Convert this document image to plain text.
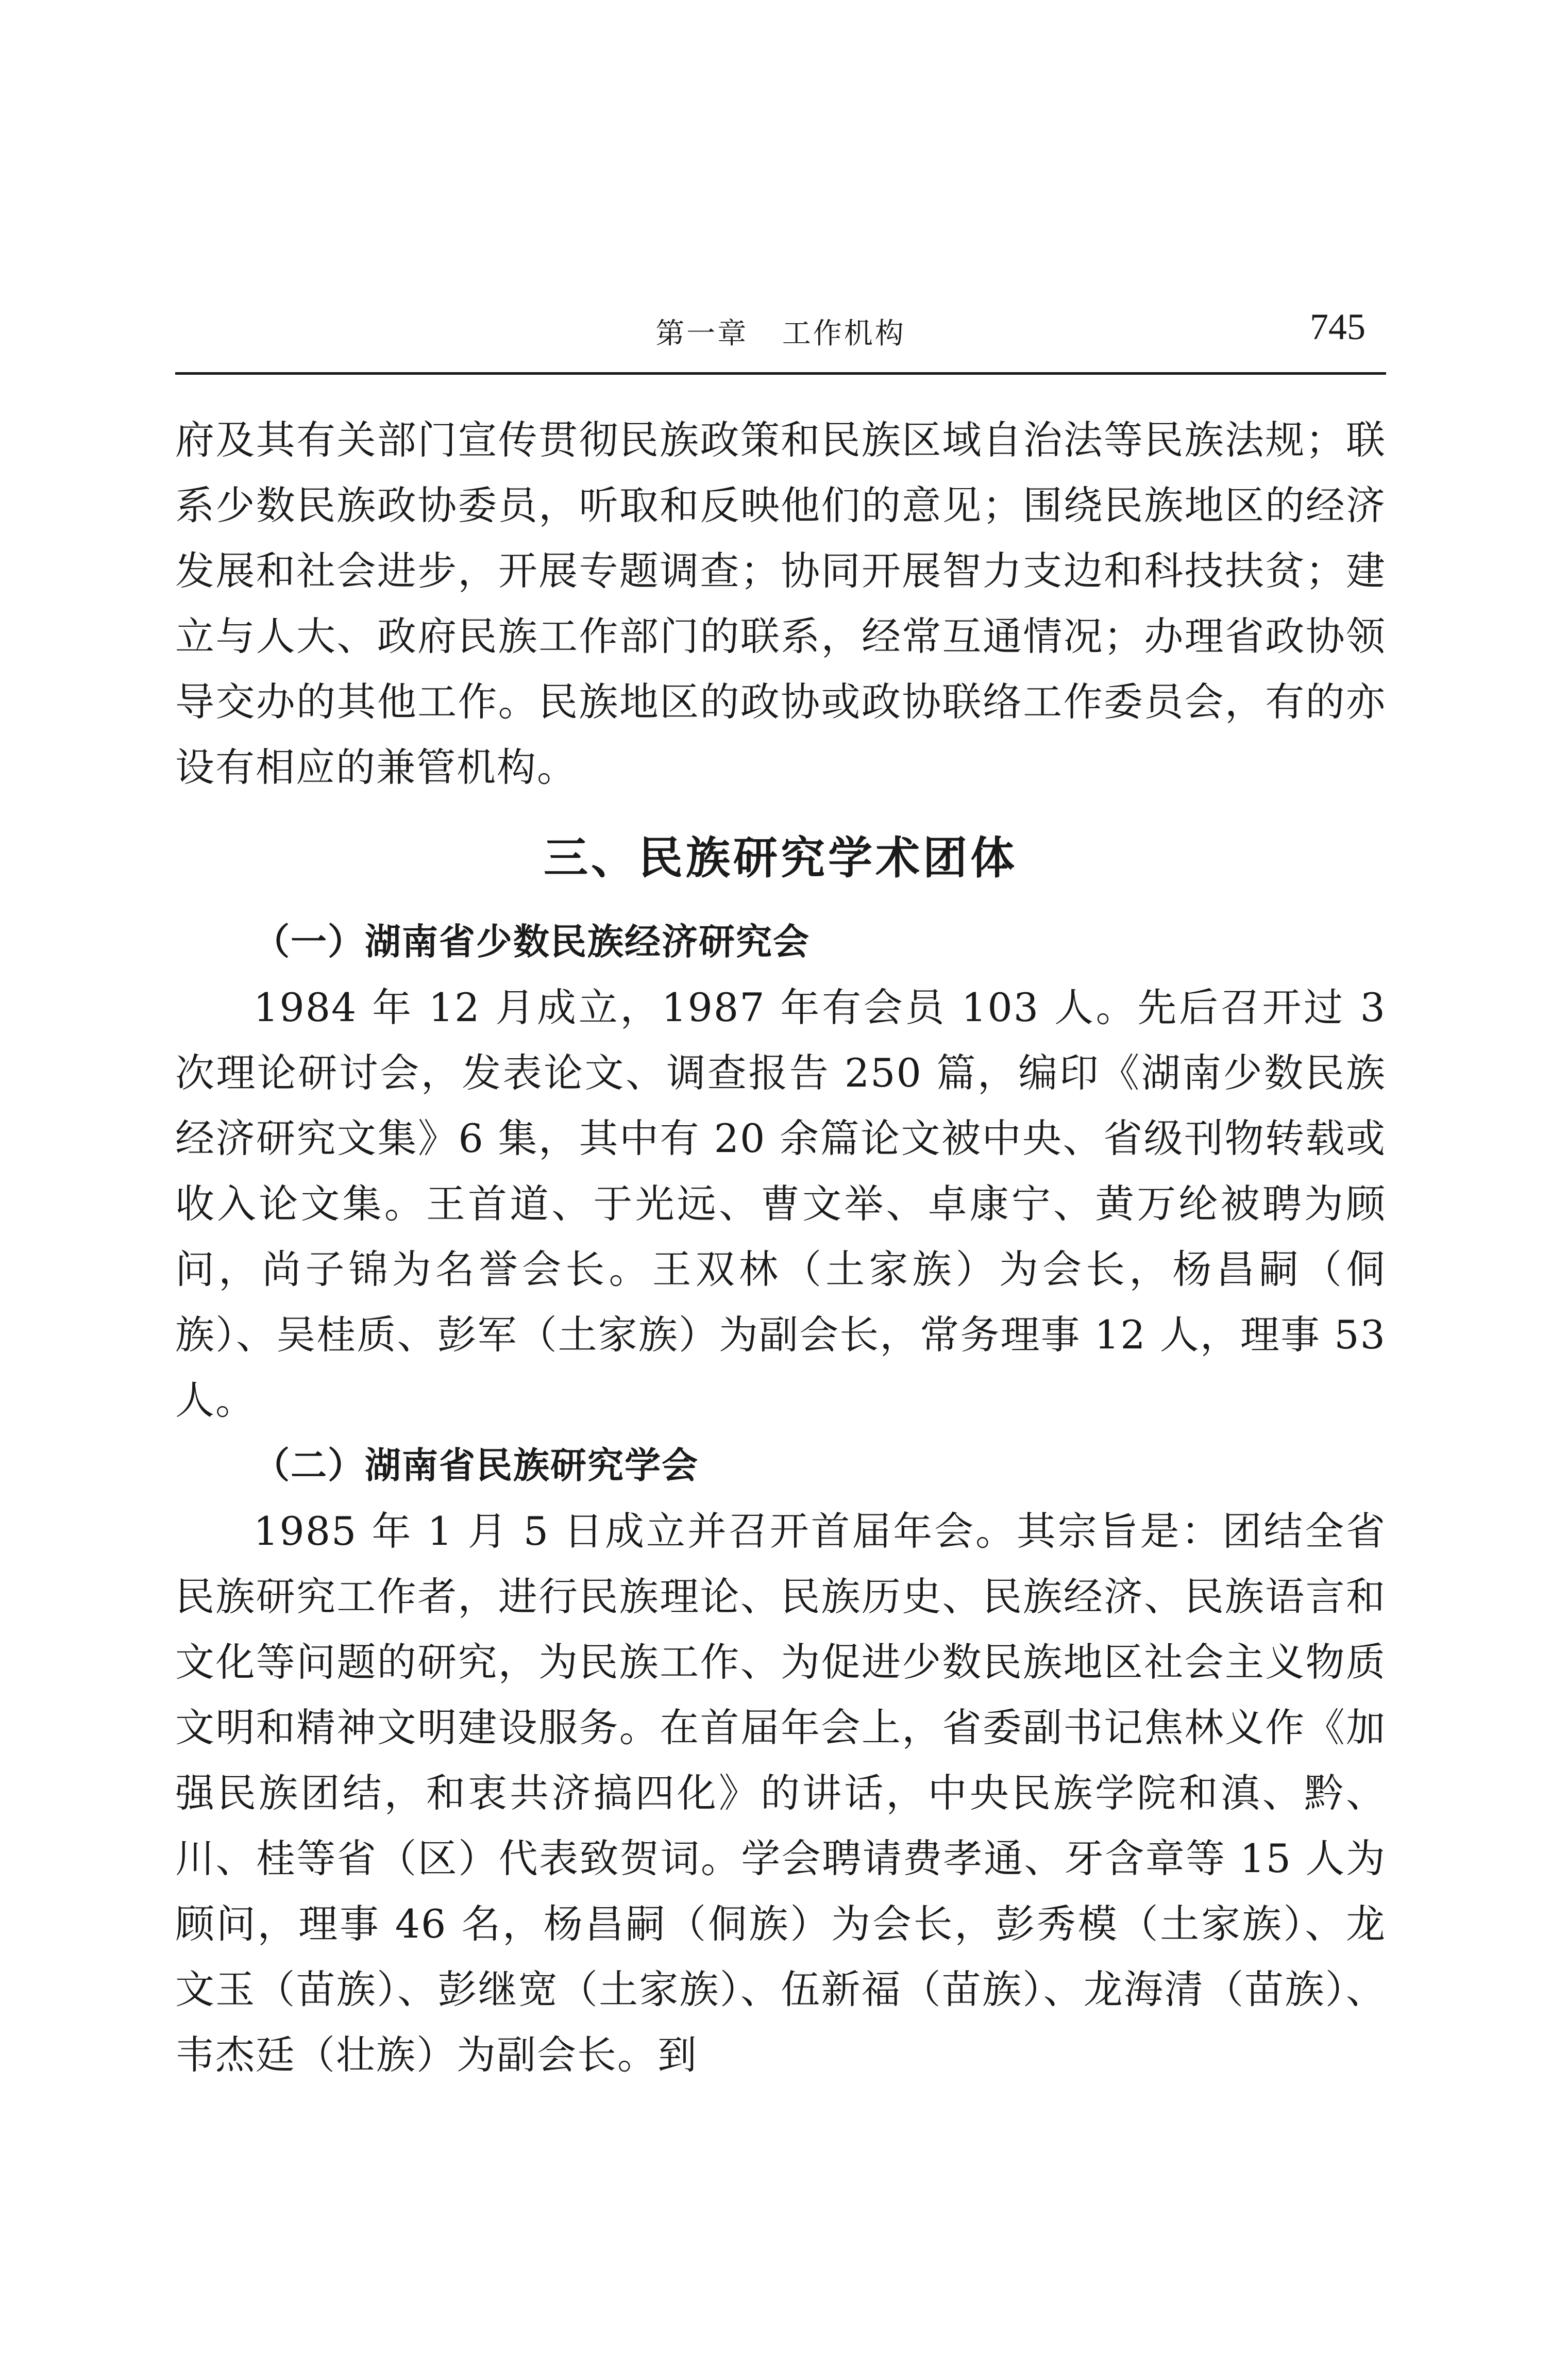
第一章   工作机构	745

府及其有关部门宣传贯彻民族政策和民族区域自治法等民族法规；联系少数民族政协委员，听取和反映他们的意见；围绕民族地区的经济发展和社会进步，开展专题调查；协同开展智力支边和科技扶贫；建立与人大、政府民族工作部门的联系，经常互通情况；办理省政协领导交办的其他工作。民族地区的政协或政协联络工作委员会，有的亦设有相应的兼管机构。

三、民族研究学术团体
（一）湖南省少数民族经济研究会

1984 年 12 月成立，1987 年有会员 103 人。先后召开过 3 次理论研讨会，发表论文、调查报告 250 篇，编印《湖南少数民族经济研究文集》6 集，其中有 20 余篇论文被中央、省级刊物转载或收入论文集。王首道、于光远、曹文举、卓康宁、黄万纶被聘为顾问，尚子锦为名誉会长。王双林（土家族）为会长，杨昌嗣（侗族）、吴桂质、彭军（土家族）为副会长，常务理事 12 人，理事 53 人。

（二）湖南省民族研究学会

1985 年 1 月 5 日成立并召开首届年会。其宗旨是：团结全省民族研究工作者，进行民族理论、民族历史、民族经济、民族语言和文化等问题的研究，为民族工作、为促进少数民族地区社会主义物质文明和精神文明建设服务。在首届年会上，省委副书记焦林义作《加强民族团结，和衷共济搞四化》的讲话，中央民族学院和滇、黔、川、桂等省（区）代表致贺词。学会聘请费孝通、牙含章等 15 人为顾问，理事 46 名，杨昌嗣（侗族）为会长，彭秀模（土家族）、龙文玉（苗族）、彭继宽（土家族）、伍新福（苗族）、龙海清（苗族）、韦杰廷（壮族）为副会长。到
